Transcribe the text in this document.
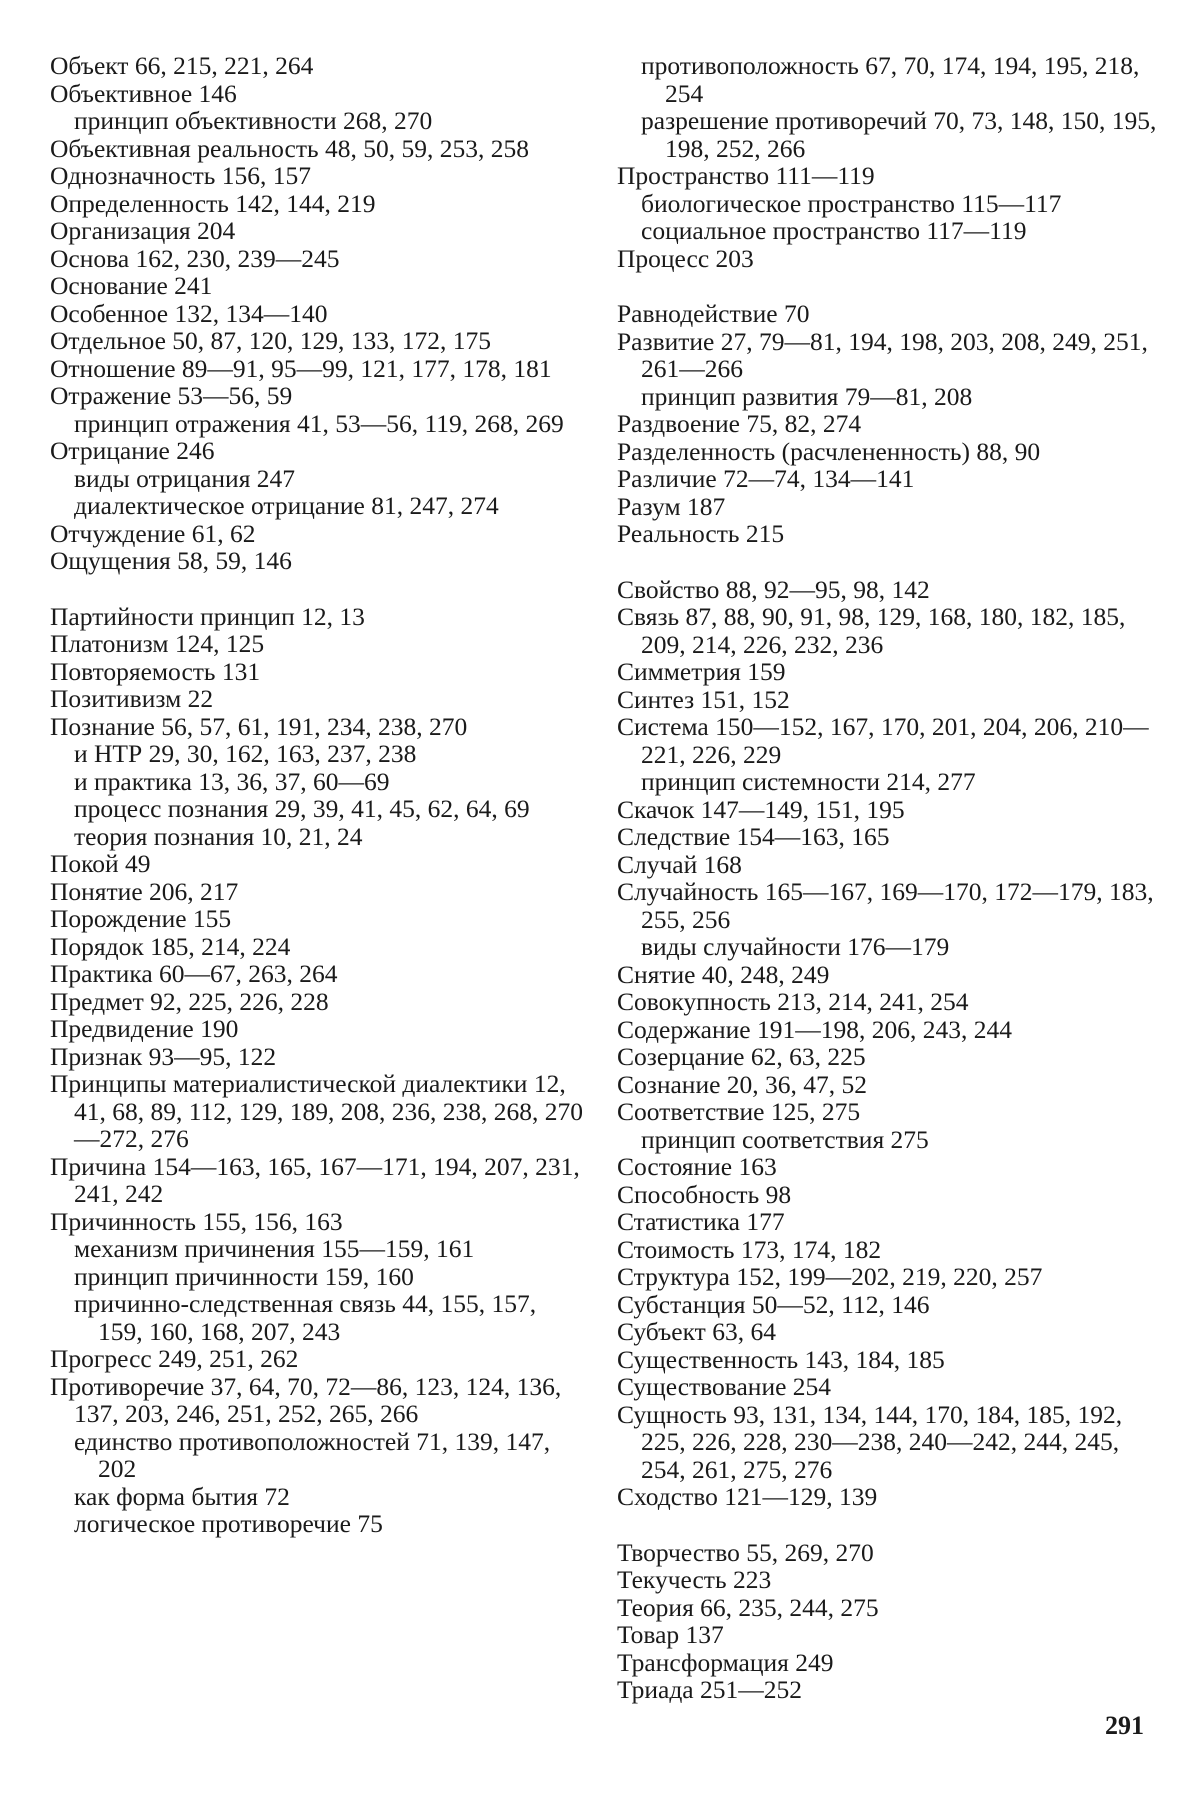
Объект 66, 215, 221, 264

Объективное 146

принцип объективности 268, 270

Объективная реальность 48, 50, 59, 253, 258

Однозначность 156, 157

Определенность 142, 144, 219

Организация 204

Основа 162, 230, 239—245

Основание 241

Особенное 132, 134—140

Отдельное 50, 87, 120, 129, 133, 172, 175

Отношение 89—91, 95—99, 121, 177, 178, 181

Отражение 53—56, 59

принцип отражения 41, 53—56, 119, 268, 269

Отрицание 246

виды отрицания 247

диалектическое отрицание 81, 247, 274

Отчуждение 61, 62

Ощущения 58, 59, 146

Партийности принцип 12, 13

Платонизм 124, 125

Повторяемость 131

Позитивизм 22

Познание 56, 57, 61, 191, 234, 238, 270

и НТР 29, 30, 162, 163, 237, 238

и практика 13, 36, 37, 60—69

процесс познания 29, 39, 41, 45, 62, 64, 69

теория познания 10, 21, 24

Покой 49

Понятие 206, 217

Порождение 155

Порядок 185, 214, 224

Практика 60—67, 263, 264

Предмет 92, 225, 226, 228

Предвидение 190

Признак 93—95, 122

Принципы материалистической диалектики 12, 41, 68, 89, 112, 129, 189, 208, 236, 238, 268, 270—272, 276

Причина 154—163, 165, 167—171, 194, 207, 231, 241, 242

Причинность 155, 156, 163

механизм причинения 155—159, 161

принцип причинности 159, 160

причинно-следственная связь 44, 155, 157, 159, 160, 168, 207, 243

Прогресс 249, 251, 262

Противоречие 37, 64, 70, 72—86, 123, 124, 136, 137, 203, 246, 251, 252, 265, 266

единство противоположностей 71, 139, 147, 202

как форма бытия 72

логическое противоречие 75

противоположность 67, 70, 174, 194, 195, 218, 254

разрешение противоречий 70, 73, 148, 150, 195, 198, 252, 266

Пространство 111—119

биологическое пространство 115—117

социальное пространство 117—119

Процесс 203

Равнодействие 70

Развитие 27, 79—81, 194, 198, 203, 208, 249, 251, 261—266

принцип развития 79—81, 208

Раздвоение 75, 82, 274

Разделенность (расчлененность) 88, 90

Различие 72—74, 134—141

Разум 187

Реальность 215

Свойство 88, 92—95, 98, 142

Связь 87, 88, 90, 91, 98, 129, 168, 180, 182, 185, 209, 214, 226, 232, 236

Симметрия 159

Синтез 151, 152

Система 150—152, 167, 170, 201, 204, 206, 210—221, 226, 229

принцип системности 214, 277

Скачок 147—149, 151, 195

Следствие 154—163, 165

Случай 168

Случайность 165—167, 169—170, 172—179, 183, 255, 256

виды случайности 176—179

Снятие 40, 248, 249

Совокупность 213, 214, 241, 254

Содержание 191—198, 206, 243, 244

Созерцание 62, 63, 225

Сознание 20, 36, 47, 52

Соответствие 125, 275

принцип соответствия 275

Состояние 163

Способность 98

Статистика 177

Стоимость 173, 174, 182

Структура 152, 199—202, 219, 220, 257

Субстанция 50—52, 112, 146

Субъект 63, 64

Существенность 143, 184, 185

Существование 254

Сущность 93, 131, 134, 144, 170, 184, 185, 192, 225, 226, 228, 230—238, 240—242, 244, 245, 254, 261, 275, 276

Сходство 121—129, 139

Творчество 55, 269, 270

Текучесть 223

Теория 66, 235, 244, 275

Товар 137

Трансформация 249

Триада 251—252

291
